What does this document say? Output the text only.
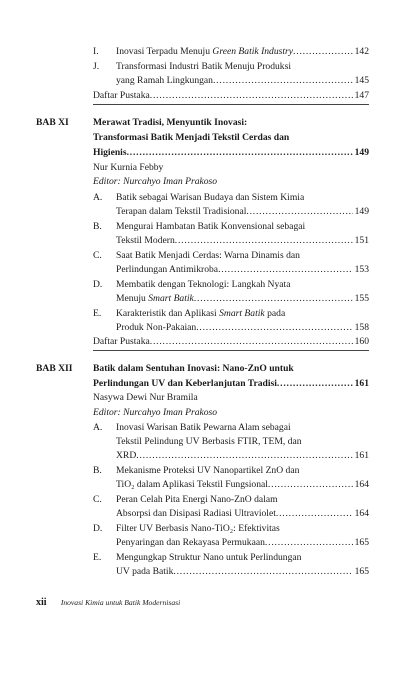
I. Inovasi Terpadu Menuju Green Batik Industry . . .	142
J. Transformasi Industri Batik Menuju Produksi
yang Ramah Lingkungan . . .	145
Daftar Pustaka . . .	147
BAB XI	Merawat Tradisi, Menyuntik Inovasi:
Transformasi Batik Menjadi Tekstil Cerdas dan
Higienis . . .	149
Nur Kurnia Febby
Editor: Nurcahyo Iman Prakoso
A. Batik sebagai Warisan Budaya dan Sistem Kimia
Terapan dalam Tekstil Tradisional . . .	149
B. Mengurai Hambatan Batik Konvensional sebagai
Tekstil Modern . . .	151
C. Saat Batik Menjadi Cerdas: Warna Dinamis dan
Perlindungan Antimikroba . . .	153
D. Membatik dengan Teknologi: Langkah Nyata
Menuju Smart Batik . . .	155
E. Karakteristik dan Aplikasi Smart Batik pada
Produk Non-Pakaian . . .	158
Daftar Pustaka . . .	160
BAB XII Batik dalam Sentuhan Inovasi: Nano-ZnO untuk
Perlindungan UV dan Keberlanjutan Tradisi . . .	161
Nasywa Dewi Nur Bramila
Editor: Nurcahyo Iman Prakoso
A. Inovasi Warisan Batik Pewarna Alam sebagai
Tekstil Pelindung UV Berbasis FTIR, TEM, dan
XRD . . .	161
B. Mekanisme Proteksi UV Nanopartikel ZnO dan
TiO₂ dalam Aplikasi Tekstil Fungsional . . .	164
C. Peran Celah Pita Energi Nano-ZnO dalam
Absorpsi dan Disipasi Radiasi Ultraviolet . . .	164
D. Filter UV Berbasis Nano-TiO₂: Efektivitas
Penyaringan dan Rekayasa Permukaan . . .	165
E. Mengungkap Struktur Nano untuk Perlindungan
UV pada Batik . . .	165
xii Inovasi Kimia untuk Batik Modernisasi
